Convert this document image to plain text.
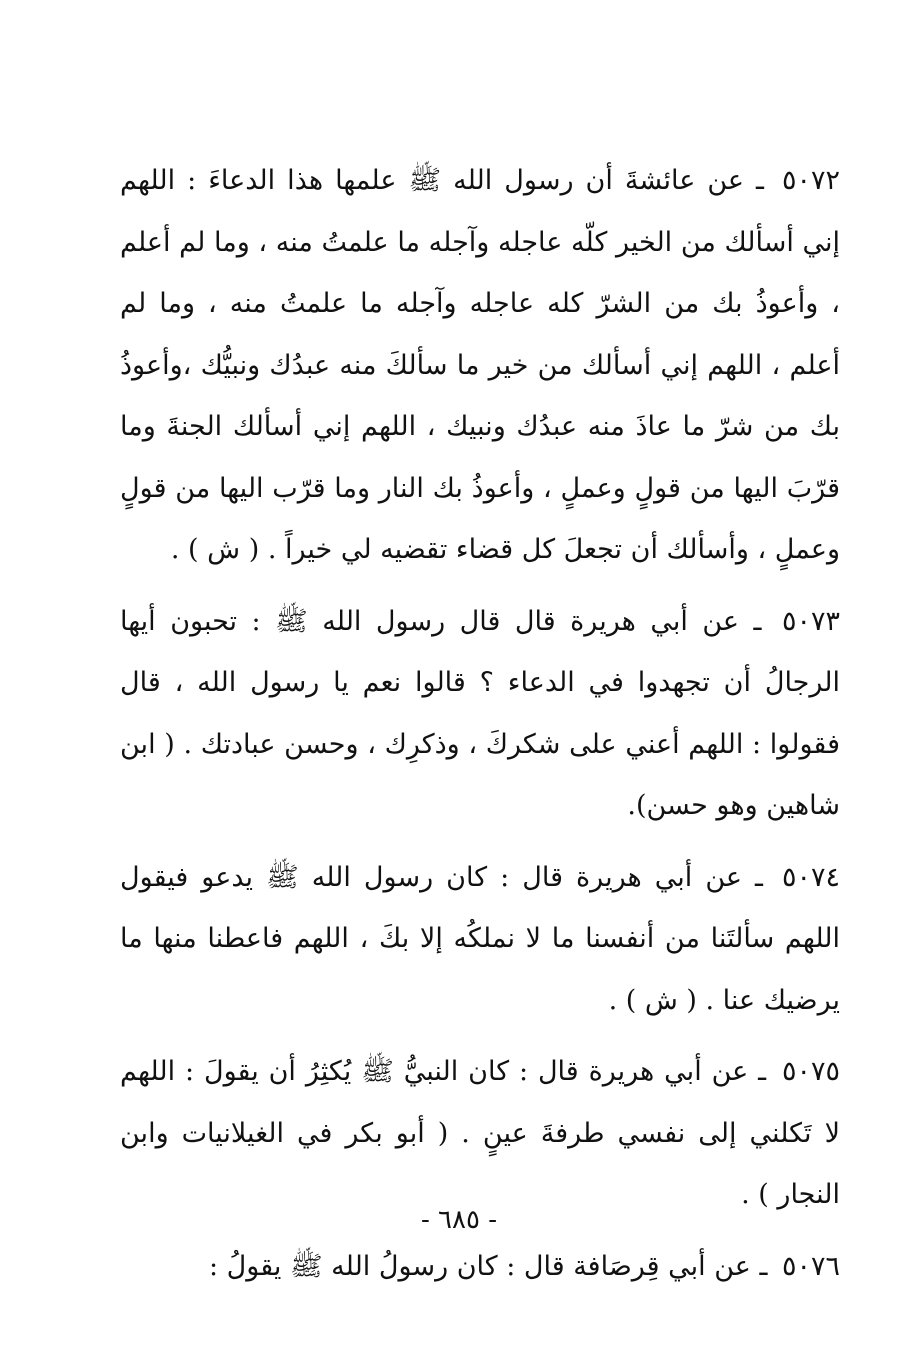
٥٠٧٢ ـ عن عائشةَ أن رسول الله ﷺ علمها هذا الدعاءَ : اللهم إني أسألك من الخير كلّه عاجله وآجله ما علمتُ منه ، وما لم أعلم ، وأعوذُ بك من الشرّ كله عاجله وآجله ما علمتُ منه ، وما لم أعلم ، اللهم إني أسألك من خير ما سألكَ منه عبدُك ونبيُّك ،وأعوذُ بك من شرّ ما عاذَ منه عبدُك ونبيك ، اللهم إني أسألك الجنةَ وما قرّبَ اليها من قولٍ وعملٍ ، وأعوذُ بك النار وما قرّب اليها من قولٍ وعملٍ ، وأسألك أن تجعلَ كل قضاء تقضيه لي خيراً . ( ش ) .

٥٠٧٣ ـ عن أبي هريرة قال قال رسول الله ﷺ : تحبون أيها الرجالُ أن تجهدوا في الدعاء ؟ قالوا نعم يا رسول الله ، قال فقولوا : اللهم أعني على شكركَ ، وذكرِك ، وحسن عبادتك . ( ابن شاهين وهو حسن).

٥٠٧٤ ـ عن أبي هريرة قال : كان رسول الله ﷺ يدعو فيقول اللهم سألتَنا من أنفسنا ما لا نملكُه إلا بكَ ، اللهم فاعطنا منها ما يرضيك عنا . ( ش ) .

٥٠٧٥ ـ عن أبي هريرة قال : كان النبيُّ ﷺ يُكثِرُ أن يقولَ : اللهم لا تَكلني إلى نفسي طرفةَ عينٍ . ( أبو بكر في الغيلانيات وابن النجار ) .

٥٠٧٦ ـ عن أبي قِرصَافة قال : كان رسولُ الله ﷺ يقولُ :

- ٦٨٥ -
